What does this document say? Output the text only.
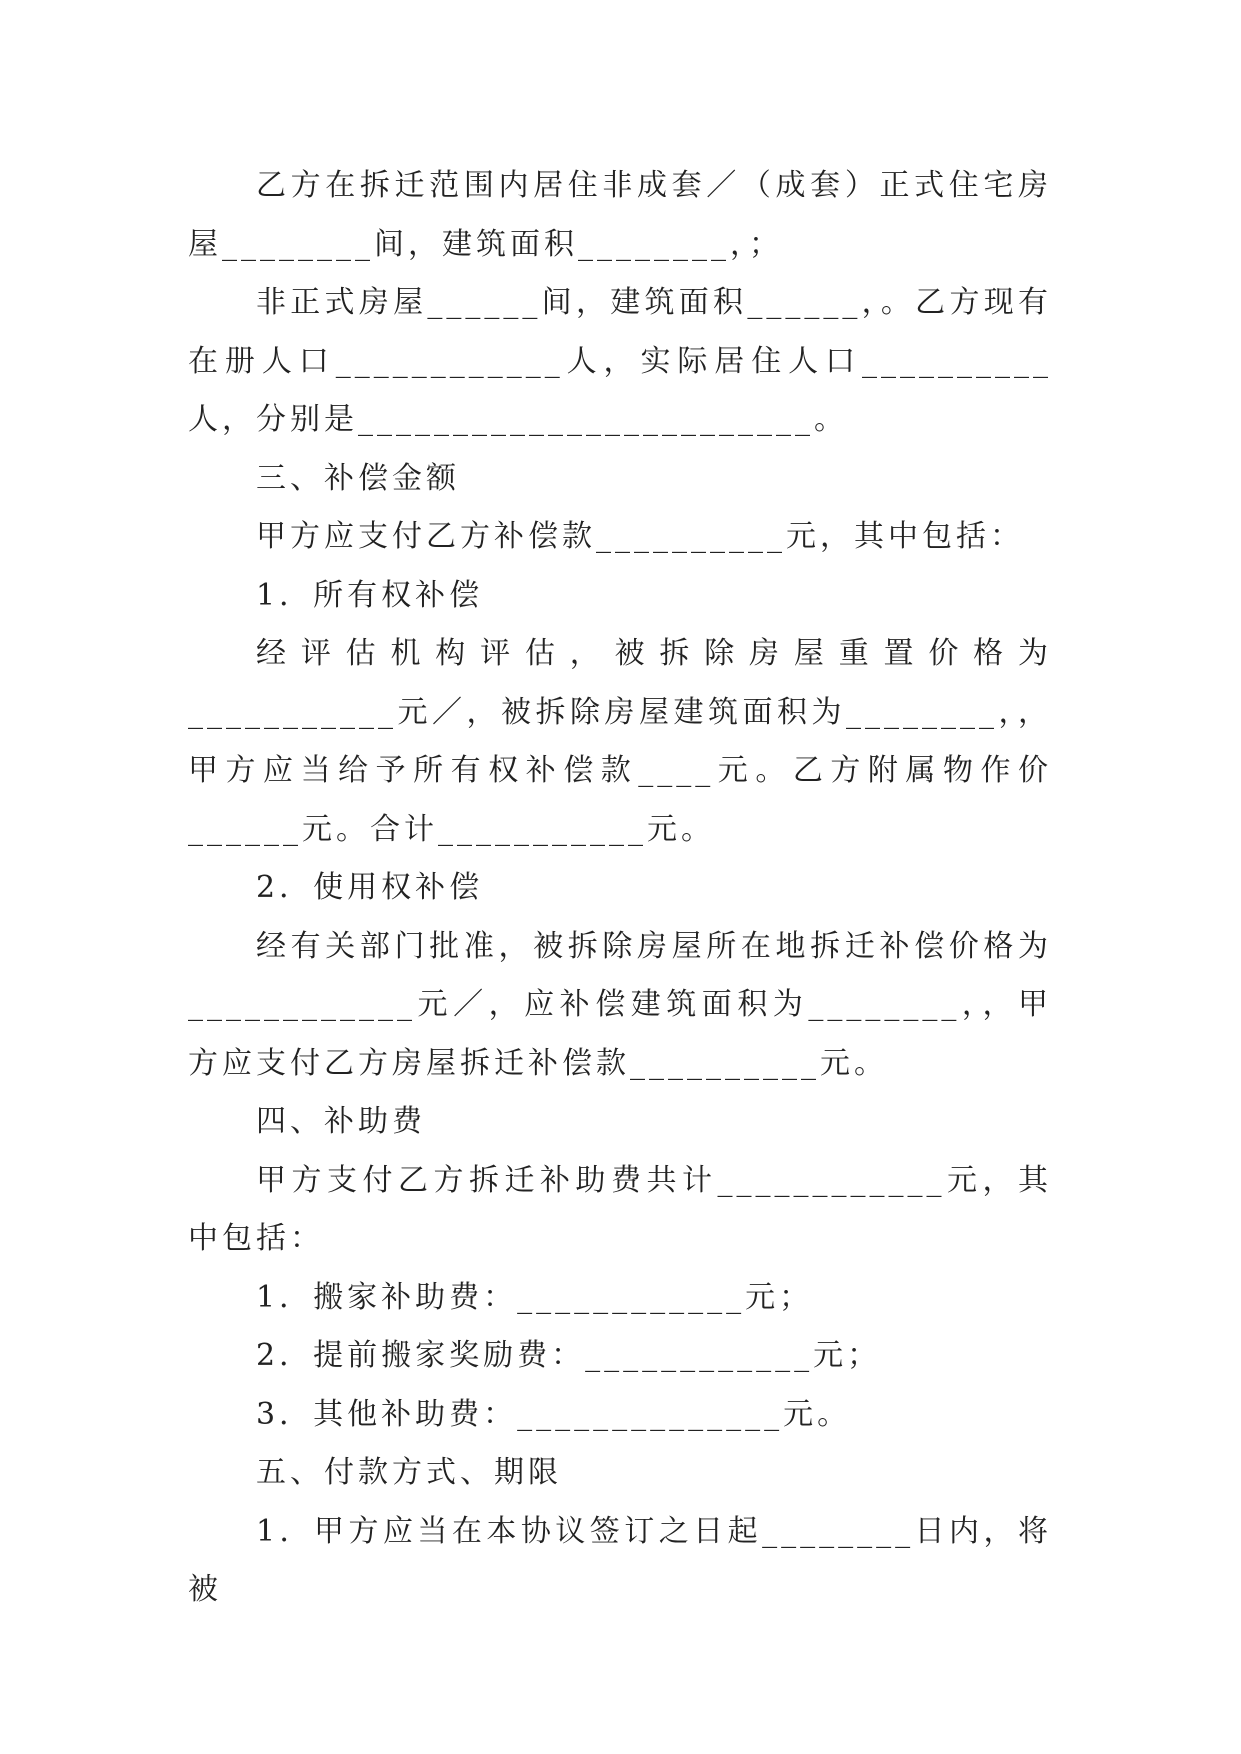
乙方在拆迁范围内居住非成套／（成套）正式住宅房屋________间，建筑面积________，；

非正式房屋______间，建筑面积______，。乙方现有在册人口____________人，实际居住人口__________人，分别是________________________。

三、补偿金额

甲方应支付乙方补偿款__________元，其中包括：

1．所有权补偿

经评估机构评估，被拆除房屋重置价格为___________元／，被拆除房屋建筑面积为________，，甲方应当给予所有权补偿款____元。乙方附属物作价______元。合计___________元。

2．使用权补偿

经有关部门批准，被拆除房屋所在地拆迁补偿价格为____________元／，应补偿建筑面积为________，，甲方应支付乙方房屋拆迁补偿款__________元。

四、补助费

甲方支付乙方拆迁补助费共计____________元，其中包括：

1．搬家补助费：____________元；

2．提前搬家奖励费：____________元；

3．其他补助费：______________元。

五、付款方式、期限

1．甲方应当在本协议签订之日起________日内，将被
